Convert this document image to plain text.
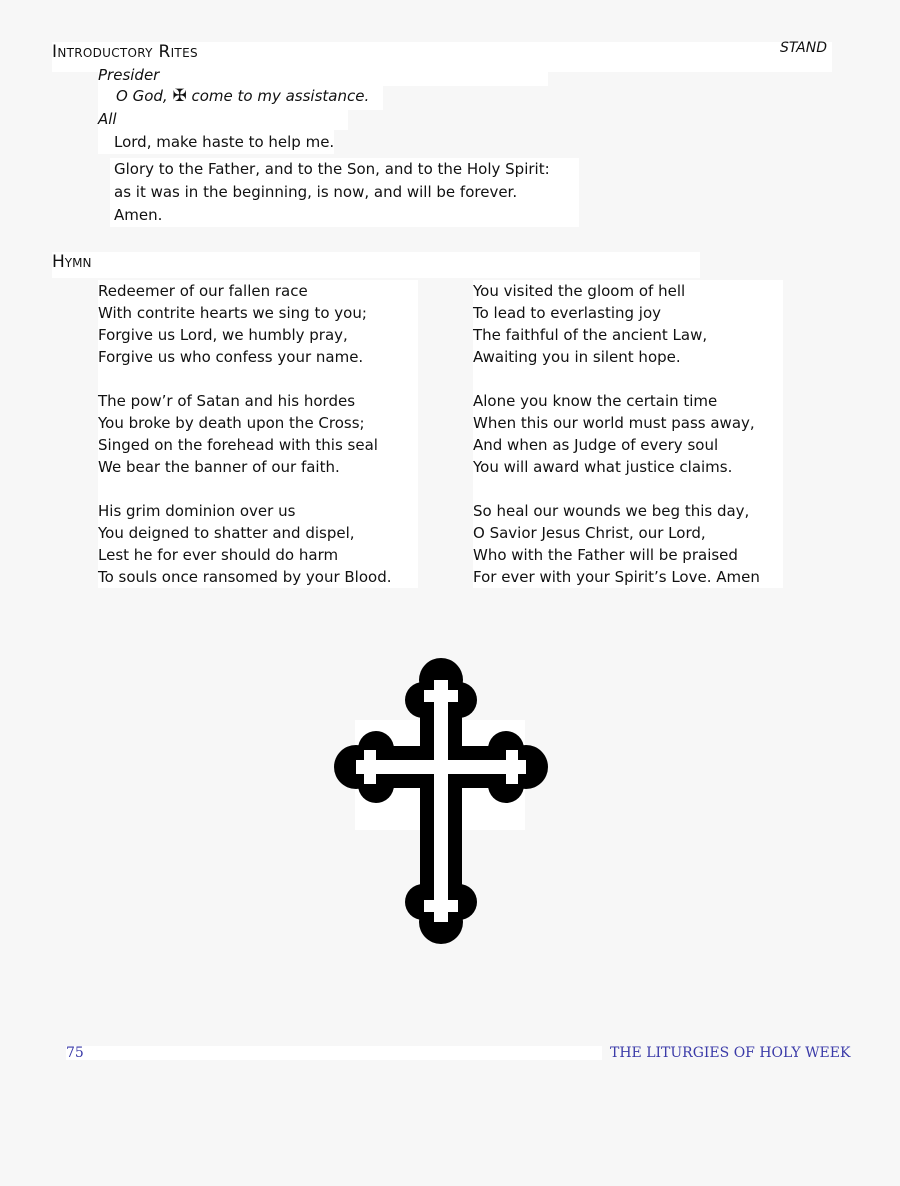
Introductory Rites	STAND
Presider
O God, ✠ come to my assistance.
All
Lord, make haste to help me.
Glory to the Father, and to the Son, and to the Holy Spirit:
as it was in the beginning, is now, and will be forever.
Amen.
Hymn

Redeemer of our fallen race

With contrite hearts we sing to you;

Forgive us Lord, we humbly pray,

Forgive us who confess your name.

The pow’r of Satan and his hordes

You broke by death upon the Cross;

Singed on the forehead with this seal

We bear the banner of our faith.

His grim dominion over us

You deigned to shatter and dispel,

Lest he for ever should do harm

To souls once ransomed by your Blood.

You visited the gloom of hell

To lead to everlasting joy

The faithful of the ancient Law,

Awaiting you in silent hope.

Alone you know the certain time

When this our world must pass away,

And when as Judge of every soul

You will award what justice claims.

So heal our wounds we beg this day,

O Savior Jesus Christ, our Lord,

Who with the Father will be praised

For ever with your Spirit’s Love. Amen

75	THE LITURGIES OF HOLY WEEK
